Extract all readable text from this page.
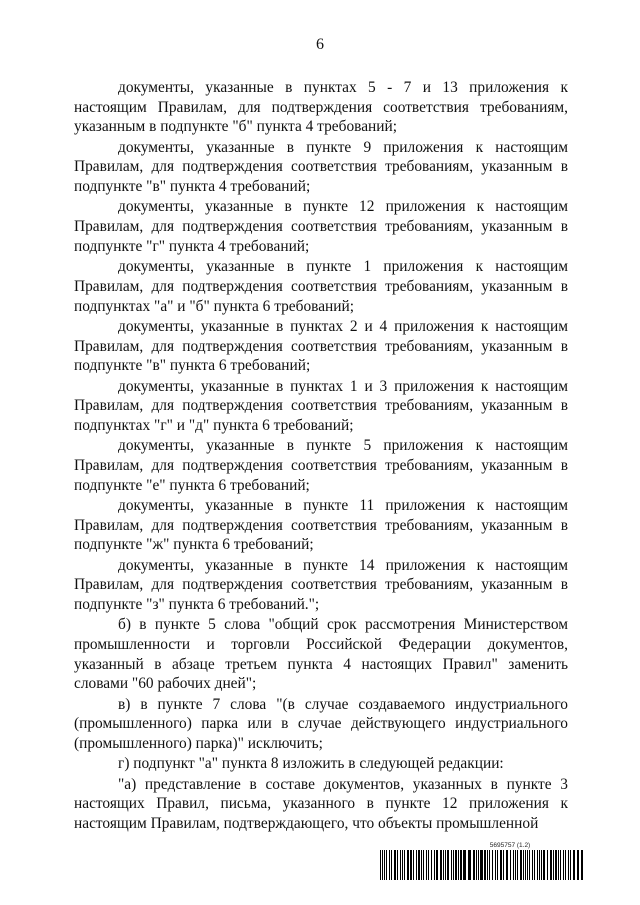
6

документы, указанные в пунктах 5 - 7 и 13 приложения к настоящим Правилам, для подтверждения соответствия требованиям, указанным в подпункте "б" пункта 4 требований;

документы, указанные в пункте 9 приложения к настоящим Правилам, для подтверждения соответствия требованиям, указанным в подпункте "в" пункта 4 требований;

документы, указанные в пункте 12 приложения к настоящим Правилам, для подтверждения соответствия требованиям, указанным в подпункте "г" пункта 4 требований;

документы, указанные в пункте 1 приложения к настоящим Правилам, для подтверждения соответствия требованиям, указанным в подпунктах "а" и "б" пункта 6 требований;

документы, указанные в пунктах 2 и 4 приложения к настоящим Правилам, для подтверждения соответствия требованиям, указанным в подпункте "в" пункта 6 требований;

документы, указанные в пунктах 1 и 3 приложения к настоящим Правилам, для подтверждения соответствия требованиям, указанным в подпунктах "г" и "д" пункта 6 требований;

документы, указанные в пункте 5 приложения к настоящим Правилам, для подтверждения соответствия требованиям, указанным в подпункте "е" пункта 6 требований;

документы, указанные в пункте 11 приложения к настоящим Правилам, для подтверждения соответствия требованиям, указанным в подпункте "ж" пункта 6 требований;

документы, указанные в пункте 14 приложения к настоящим Правилам, для подтверждения соответствия требованиям, указанным в подпункте "з" пункта 6 требований.";

б) в пункте 5 слова "общий срок рассмотрения Министерством промышленности и торговли Российской Федерации документов, указанный в абзаце третьем пункта 4 настоящих Правил" заменить словами "60 рабочих дней";

в) в пункте 7 слова "(в случае создаваемого индустриального (промышленного) парка или в случае действующего индустриального (промышленного) парка)" исключить;

г) подпункт "а" пункта 8 изложить в следующей редакции:

"а) представление в составе документов, указанных в пункте 3 настоящих Правил, письма, указанного в пункте 12 приложения к настоящим Правилам, подтверждающего, что объекты промышленной

5695757 (1.2)
